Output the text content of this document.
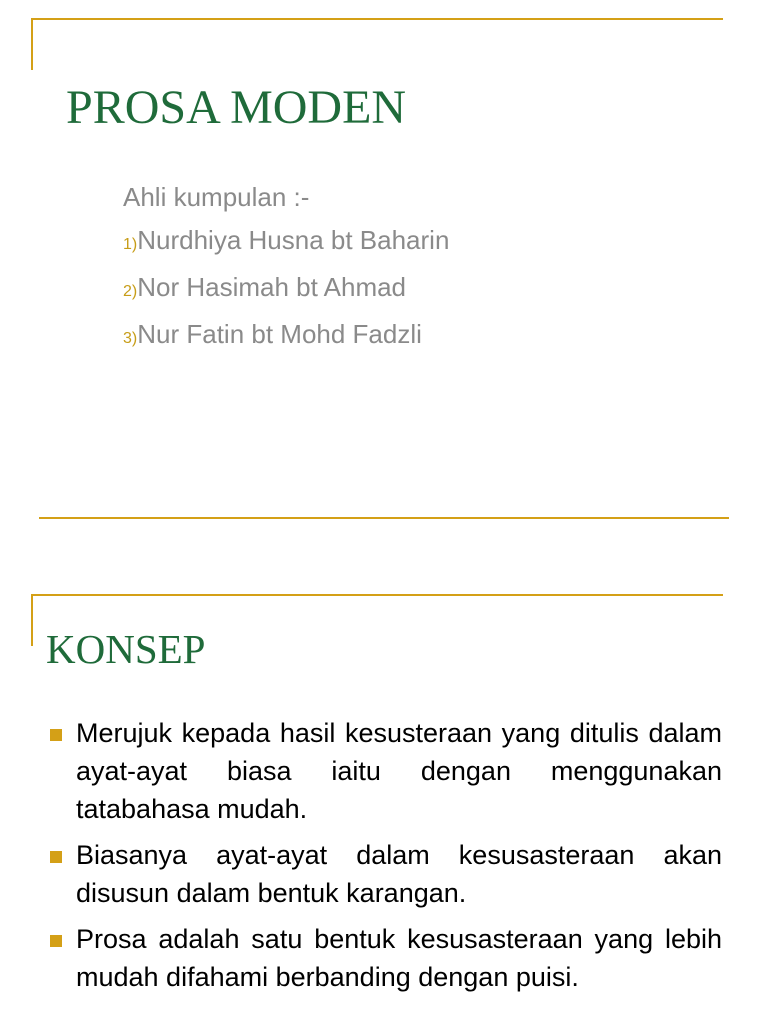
PROSA MODEN
Ahli kumpulan :-
1)Nurdhiya Husna bt Baharin
2)Nor Hasimah bt Ahmad
3)Nur Fatin bt Mohd Fadzli
KONSEP
Merujuk kepada hasil kesusteraan yang ditulis dalam ayat-ayat biasa iaitu dengan menggunakan tatabahasa mudah.
Biasanya ayat-ayat dalam kesusasteraan akan disusun dalam bentuk karangan.
Prosa adalah satu bentuk kesusasteraan yang lebih mudah difahami berbanding dengan puisi.
